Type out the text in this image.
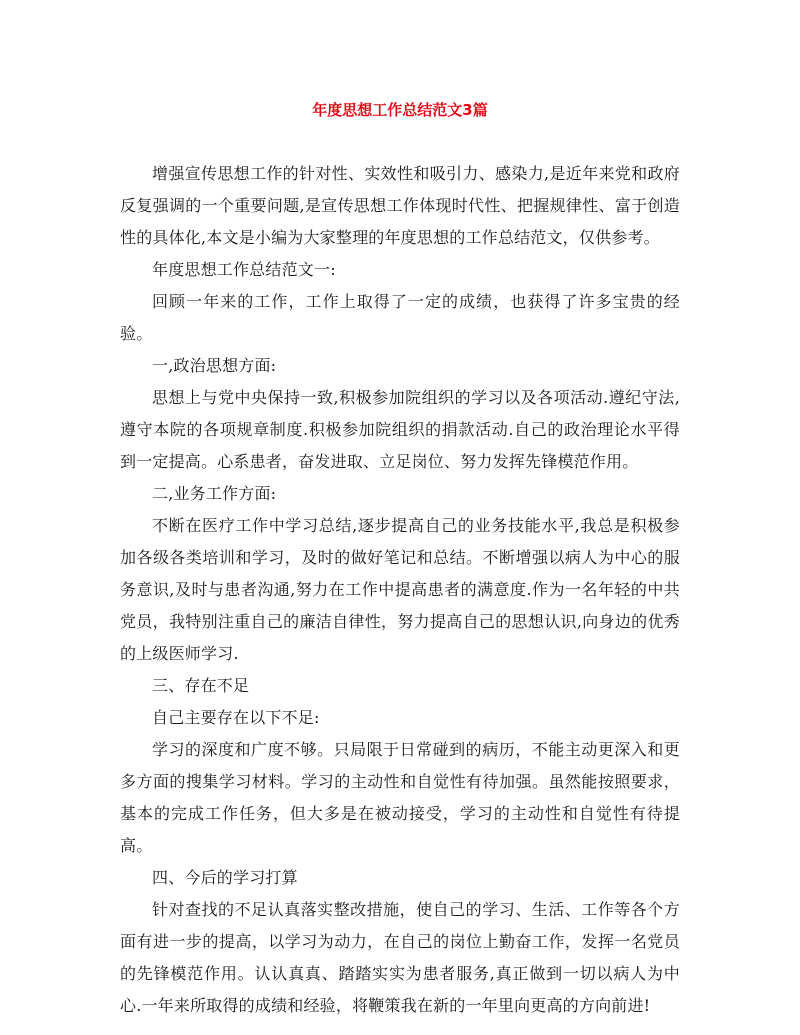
年度思想工作总结范文3篇

增强宣传思想工作的针对性、实效性和吸引力、感染力,是近年来党和政府反复强调的一个重要问题,是宣传思想工作体现时代性、把握规律性、富于创造性的具体化,本文是小编为大家整理的年度思想的工作总结范文，仅供参考。

年度思想工作总结范文一:

回顾一年来的工作，工作上取得了一定的成绩，也获得了许多宝贵的经验。

一,政治思想方面:

思想上与党中央保持一致,积极参加院组织的学习以及各项活动.遵纪守法,遵守本院的各项规章制度.积极参加院组织的捐款活动.自己的政治理论水平得到一定提高。心系患者，奋发进取、立足岗位、努力发挥先锋模范作用。

二,业务工作方面:

不断在医疗工作中学习总结,逐步提高自己的业务技能水平,我总是积极参加各级各类培训和学习，及时的做好笔记和总结。不断增强以病人为中心的服务意识,及时与患者沟通,努力在工作中提高患者的满意度.作为一名年轻的中共党员，我特别注重自己的廉洁自律性，努力提高自己的思想认识,向身边的优秀的上级医师学习.

三、存在不足

自己主要存在以下不足:

学习的深度和广度不够。只局限于日常碰到的病历，不能主动更深入和更多方面的搜集学习材料。学习的主动性和自觉性有待加强。虽然能按照要求，基本的完成工作任务，但大多是在被动接受，学习的主动性和自觉性有待提高。

四、今后的学习打算

针对查找的不足认真落实整改措施，使自己的学习、生活、工作等各个方面有进一步的提高，以学习为动力，在自己的岗位上勤奋工作，发挥一名党员的先锋模范作用。认认真真、踏踏实实为患者服务,真正做到一切以病人为中心.一年来所取得的成绩和经验，将鞭策我在新的一年里向更高的方向前进!
